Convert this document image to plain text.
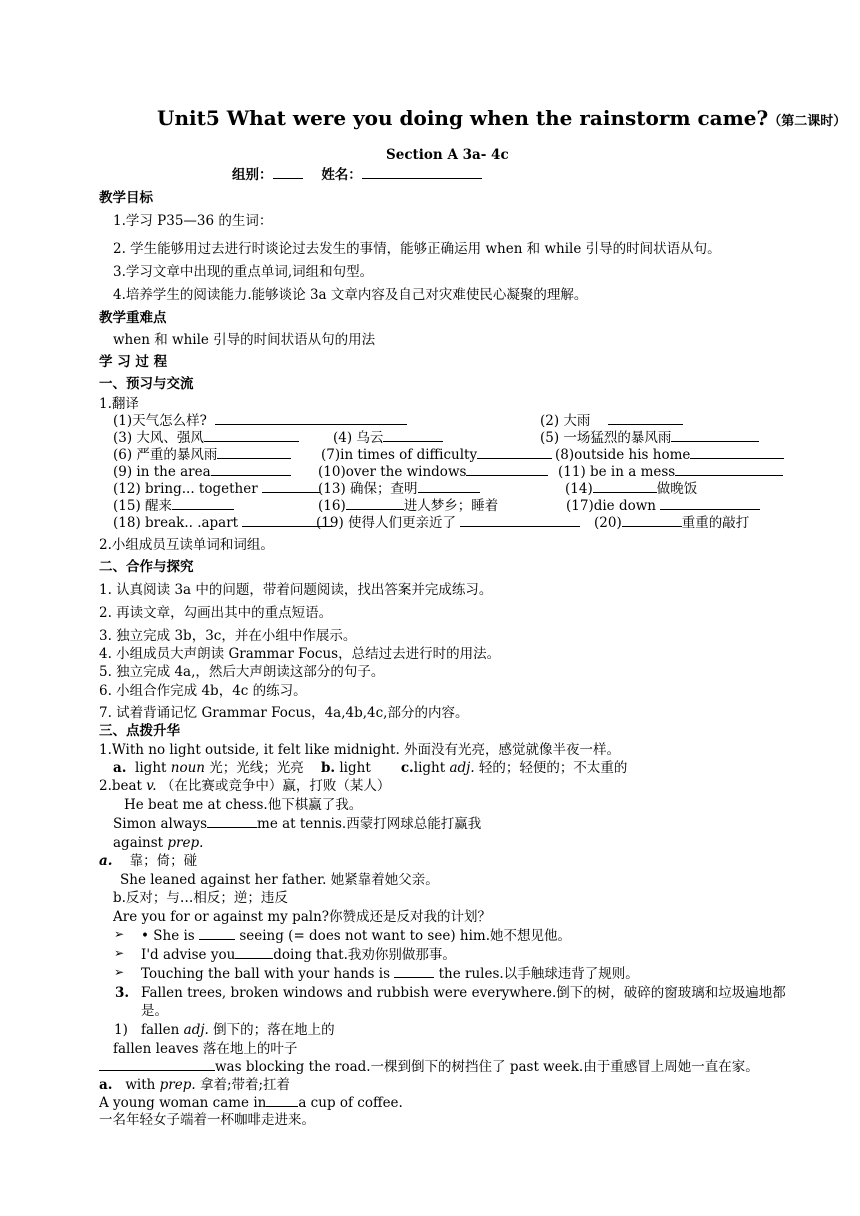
Unit5 What were you doing when the rainstorm came?（第二课时）
Section A 3a- 4c
组别：	姓名：
教学目标
1.学习 P35—36 的生词：
2. 学生能够用过去进行时谈论过去发生的事情，能够正确运用 when 和 while 引导的时间状语从句。
3.学习文章中出现的重点单词,词组和句型。
4.培养学生的阅读能力.能够谈论 3a 文章内容及自己对灾难使民心凝聚的理解。
教学重难点
when 和 while 引导的时间状语从句的用法
学 习 过 程
一、预习与交流
1.翻译
(1)天气怎么样?	(2) 大雨
(3) 大风、强风	(4) 乌云	(5) 一场猛烈的暴风雨
(6) 严重的暴风雨	(7)in times of difficulty	(8)outside his home
(9) in the area	(10)over the windows	(11) be in a mess
(12) bring... together	(13) 确保；查明	(14)	做晚饭
(15) 醒来	(16)	进人梦乡；睡着	(17)die down
(18) break.. .apart	(19) 使得人们更亲近了	(20)	重重的敲打
2.小组成员互读单词和词组。
二、合作与探究
1. 认真阅读 3a 中的问题，带着问题阅读，找出答案并完成练习。
2. 再读文章，勾画出其中的重点短语。
3. 独立完成 3b，3c，并在小组中作展示。
4. 小组成员大声朗读 Grammar Focus，总结过去进行时的用法。
5. 独立完成 4a,，然后大声朗读这部分的句子。
6. 小组合作完成 4b，4c 的练习。
7. 试着背诵记忆 Grammar Focus，4a,4b,4c,部分的内容。
三、点拨升华
1.With no light outside, it felt like midnight. 外面没有光亮，感觉就像半夜一样。
a. light noun 光；光线；光亮 b. light c.light adj. 轻的；轻便的；不太重的
2.beat v. （在比赛或竞争中）赢，打败（某人）
He beat me at chess.他下棋赢了我。
Simon always	me at tennis.西蒙打网球总能打赢我
against prep.
a.    靠；倚；碰
She leaned against her father. 她紧靠着她父亲。
b.反对；与…相反；逆；违反
Are you for or against my paln?你赞成还是反对我的计划？
➢ • She is	seeing (= does not want to see) him.她不想见他。
➢ I'd advise you	doing that.我劝你别做那事。
➢ Touching the ball with your hands is	the rules.以手触球违背了规则。
3. Fallen trees, broken windows and rubbish were everywhere.倒下的树，破碎的窗玻璃和垃圾遍地都
是。
1) fallen adj. 倒下的；落在地上的
fallen leaves 落在地上的叶子
was blocking the road.一棵到倒下的树挡住了 past week.由于重感冒上周她一直在家。
a. with prep. 拿着;带着;扛着
A young woman came in a cup of coffee.
一名年轻女子端着一杯咖啡走进来。
